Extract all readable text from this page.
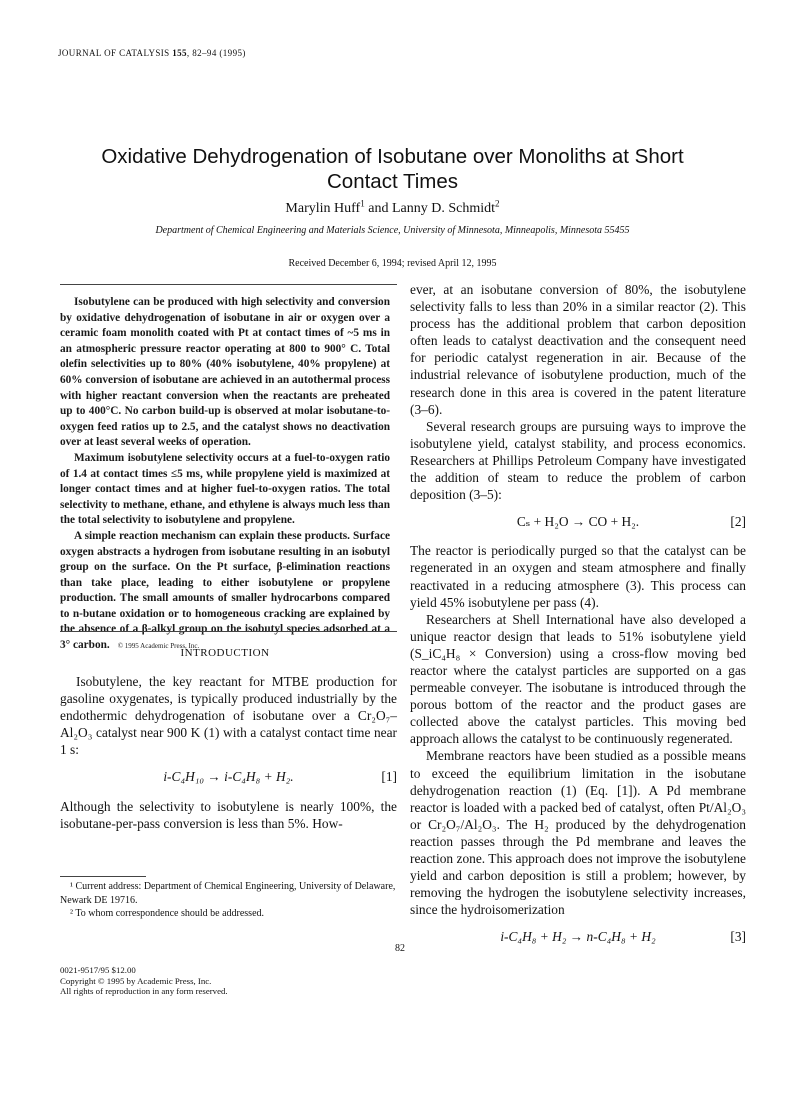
JOURNAL OF CATALYSIS 155, 82–94 (1995)
Oxidative Dehydrogenation of Isobutane over Monoliths at Short
Contact Times
Marylin Huff$^1$ and Lanny D. Schmidt$^2$
Department of Chemical Engineering and Materials Science, University of Minnesota, Minneapolis, Minnesota 55455
Received December 6, 1994; revised April 12, 1995

Isobutylene can be produced with high selectivity and conversion by oxidative dehydrogenation of isobutane in air or oxygen over a ceramic foam monolith coated with Pt at contact times of ~5 ms in an atmospheric pressure reactor operating at 800 to 900° C. Total olefin selectivities up to 80% (40% isobutylene, 40% propylene) at 60% conversion of isobutane are achieved in an autothermal process with higher reactant conversion when the reactants are preheated up to 400°C. No carbon build-up is observed at molar isobutane-to-oxygen feed ratios up to 2.5, and the catalyst shows no deactivation over at least several weeks of operation.

Maximum isobutylene selectivity occurs at a fuel-to-oxygen ratio of 1.4 at contact times ≤5 ms, while propylene yield is maximized at longer contact times and at higher fuel-to-oxygen ratios. The total selectivity to methane, ethane, and ethylene is always much less than the total selectivity to isobutylene and propylene.

A simple reaction mechanism can explain these products. Surface oxygen abstracts a hydrogen from isobutane resulting in an isobutyl group on the surface. On the Pt surface, β-elimination reactions than take place, leading to either isobutylene or propylene production. The small amounts of smaller hydrocarbons compared to n-butane oxidation or to homogeneous cracking are explained by the absence of a β-alkyl group on the isobutyl species adsorbed at a 3° carbon. © 1995 Academic Press, Inc.

INTRODUCTION

Isobutylene, the key reactant for MTBE production for gasoline oxygenates, is typically produced industrially by the endothermic dehydrogenation of isobutane over a Cr₂O₇–Al₂O₃ catalyst near 900 K (1) with a catalyst contact time near 1 s:

i-C₄H₁₀ → i-C₄H₈ + H₂.	[1]

Although the selectivity to isobutylene is nearly 100%, the isobutane-per-pass conversion is less than 5%. How-

¹ Current address: Department of Chemical Engineering, University of Delaware, Newark DE 19716.

² To whom correspondence should be addressed.

ever, at an isobutane conversion of 80%, the isobutylene selectivity falls to less than 20% in a similar reactor (2). This process has the additional problem that carbon deposition often leads to catalyst deactivation and the consequent need for periodic catalyst regeneration in air. Because of the industrial relevance of isobutylene production, much of the research done in this area is covered in the patent literature (3–6).

Several research groups are pursuing ways to improve the isobutylene yield, catalyst stability, and process economics. Researchers at Phillips Petroleum Company have investigated the addition of steam to reduce the problem of carbon deposition (3–5):

Cₛ + H₂O → CO + H₂.	[2]

The reactor is periodically purged so that the catalyst can be regenerated in an oxygen and steam atmosphere and finally reactivated in a reducing atmosphere (3). This process can yield 45% isobutylene per pass (4).

Researchers at Shell International have also developed a unique reactor design that leads to 51% isobutylene yield (S_iC₄H₈ × Conversion) using a cross-flow moving bed reactor where the catalyst particles are supported on a gas permeable conveyer. The isobutane is introduced through the porous bottom of the reactor and the product gases are collected above the catalyst particles. This moving bed approach allows the catalyst to be continuously regenerated.

Membrane reactors have been studied as a possible means to exceed the equilibrium limitation in the isobutane dehydrogenation reaction (1) (Eq. [1]). A Pd membrane reactor is loaded with a packed bed of catalyst, often Pt/Al₂O₃ or Cr₂O₇/Al₂O₃. The H₂ produced by the dehydrogenation reaction passes through the Pd membrane and leaves the reaction zone. This approach does not improve the isobutylene yield and carbon deposition is still a problem; however, by removing the hydrogen the isobutylene selectivity increases, since the hydroisomerization

i-C₄H₈ + H₂ → n-C₄H₈ + H₂	[3]
82

0021-9517/95 $12.00

Copyright © 1995 by Academic Press, Inc.

All rights of reproduction in any form reserved.
